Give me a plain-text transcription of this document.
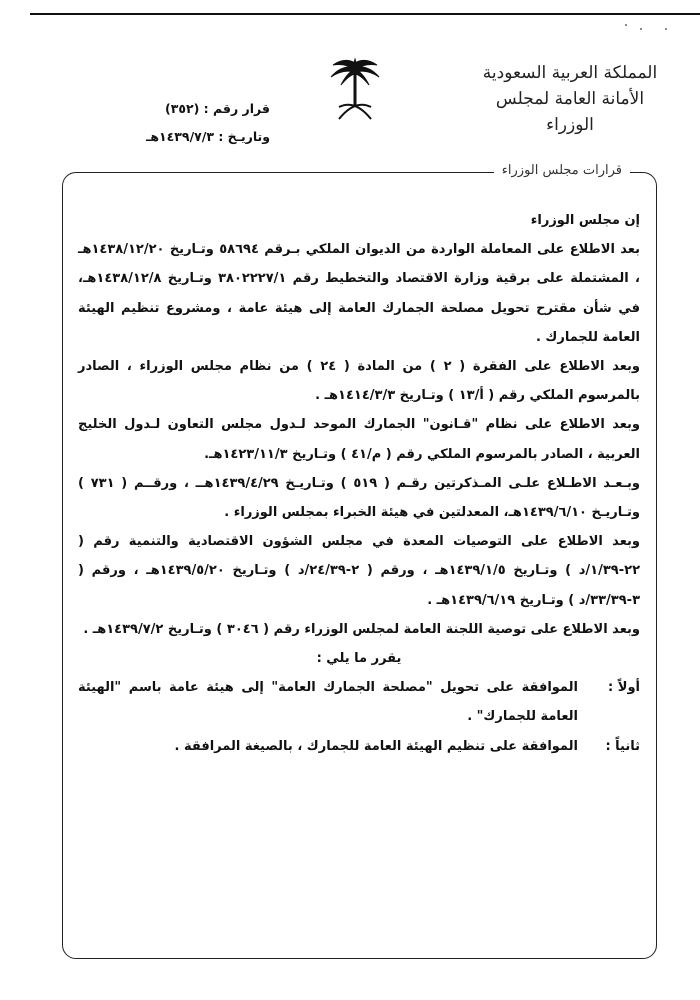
المملكة العربية السعودية
الأمانة العامة لمجلس الوزراء
قرار رقم : (٣٥٢)
وتاريـخ : ١٤٣٩/٧/٣هـ
قرارات مجلس الوزراء

إن مجلس الوزراء

بعد الاطلاع على المعاملة الواردة من الديوان الملكي بـرقم ٥٨٦٩٤ وتـاريخ ١٤٣٨/١٢/٢٠هـ ، المشتملة على برقية وزارة الاقتصاد والتخطيط رقم ٣٨٠٢٢٢٧/١ وتـاريخ ١٤٣٨/١٢/٨هـ، في شأن مقترح تحويل مصلحة الجمارك العامة إلى هيئة عامة ، ومشروع تنظيم الهيئة العامة للجمارك .

وبعد الاطلاع على الفقرة ( ٢ ) من المادة ( ٢٤ ) من نظام مجلس الوزراء ، الصادر بالمرسوم الملكي رقم ( أ/١٣ ) وتـاريخ ١٤١٤/٣/٣هـ .

وبعد الاطلاع على نظام "قـانون" الجمارك الموحد لـدول مجلس التعاون لـدول الخليج العربية ، الصادر بالمرسوم الملكي رقم ( م/٤١ ) وتـاريخ ١٤٢٣/١١/٣هـ.

وبـعـد الاطـلاع علـى المـذكرتين رقـم ( ٥١٩ ) وتـاريـخ ١٤٣٩/٤/٢٩هــ ، ورقــم ( ٧٣١ ) وتـاريـخ ١٤٣٩/٦/١٠هـ، المعدلتين في هيئة الخبراء بمجلس الوزراء .

وبعد الاطلاع على التوصيات المعدة في مجلس الشؤون الاقتصادية والتنمية رقم ( ٢٢-١/٣٩/د ) وتـاريخ ١٤٣٩/١/٥هـ ، ورقم ( ٢-٢٤/٣٩/د ) وتـاريخ ١٤٣٩/٥/٢٠هـ ، ورقم ( ٣-٣٣/٣٩/د ) وتـاريخ ١٤٣٩/٦/١٩هـ .

وبعد الاطلاع على توصية اللجنة العامة لمجلس الوزراء رقم ( ٣٠٤٦ ) وتـاريخ ١٤٣٩/٧/٢هـ .

يقرر ما يلي :

أولاً :
الموافقة على تحويل "مصلحة الجمارك العامة" إلى هيئة عامة باسم "الهيئة العامة للجمارك" .
ثانياً :
الموافقة على تنظيم الهيئة العامة للجمارك ، بالصيغة المرافقة .
